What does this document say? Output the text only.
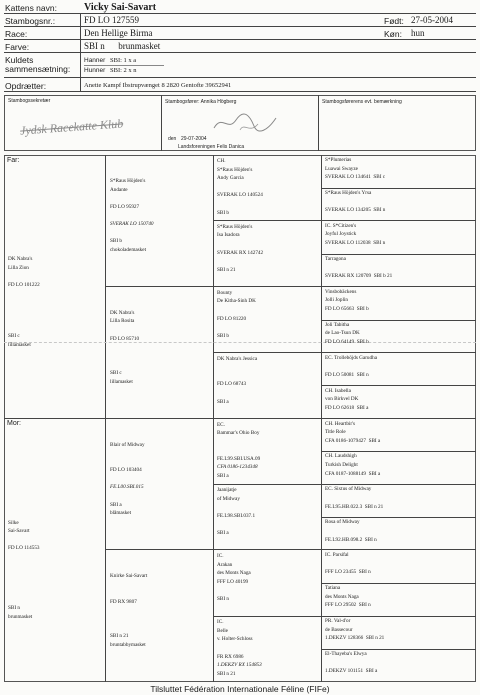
Kattens navn:	Vicky Sai-Savart
Stambogsnr.:	FD LO 127559
Race:	Den Hellige Birma
Farve:	SBI n      brunmasket
Født: 27-05-2004
Køn: hun
Kuldets
sammensætning:
Hanner SBI: 1 x a
Hunner SBI: 2 x n
Opdrætter:	Anette Kampf Ibstrupvænget 8 2820 Gentofte 39652941
Stambogssekretær
Jydsk Racekatte Klub
Stambogsfører: Annika Högberg
den 29-07-2004
Landsforeningen Felis Danica
Stambogsførerens evt. bemærkning
Far:
Mor:
DK Nabra's
Lilla Zion

FD LO 101222

SBI c
lillamasket
Silke
Sai-Savart

FD LO 114553

SBI n
brunmasket
S*Raus Höjden's
Andante

FD LO 95927

SVERAK LO 150740

SBI b
chokolademasket
DK Nabra's
Lilla Rosita

FD LO 85710

SBI c
lillamasket
Blair of Midway

FD LO 103404

FE.L00.SBI.015

SBI a
blåmasket
Knirke Sai-Savart

FD RX 9807

SBI n 21
bruntabbymasket
CH.
S*Raus Höjden's
Andy Garcia

SVERAK LO 140524

SBI b
S*Raus Höjden's
Isa Isadora

SVERAK RX 142742

SBI n 21
Bounty
De Kitha-Sinh DK

FD LO 81220

SBI b
DK Nabra's Jessica

FD LO 68743

SBI a
EC.
Bammar's Ohio Boy

FE.L99.SBI.USA.09
CFA 0186-1234348
SBI a
Jaanijatje
of Midway

FE.L98.SBI.037.1

SBI a
IC.
Arakan
des Monts Naga
FFF LO 40199

SBI n
IC.
Belle
v. Holter-Schloss

FR RX 6986
1.DEKZV RX 154853
SBI n 21
S*Plumerias
Luawai Swayze
SVERAK LO 134641  SBI c
S*Raus Höjden's Yrsa

SVERAK LO 134205  SBI n
IC. S*Citizen's
Joyful Joystick
SVERAK LO 112038  SBI n
Tarragona

SVERAK RX 120709  SBI b 21
Vinsbobäckens
Jolli Joplin
FD LO 65663  SBI b
Joli Tabitha
de Lao-Tsun DK
FD LO 64149  SBI b
EC. Trolleböjds Garudha

FD LO 50081  SBI n
CH. Isabella
von Birkvel DK
FD LO 62618  SBI a
CH. Heartbir's
Title Role
CFA 0186-1079427  SBI a
CH. Laudshigh
Turkish Delight
CFA 0187-1088149  SBI a
EC. Sixtus of Midway

FE.L95.HB.022.3  SBI n 21
Rosa of Midway

FE.L92.HB.098.2  SBI n
IC. Parsifal

FFF LO 23455  SBI n
Tatiana
des Monts Naga
FFF LO 29502  SBI n
PR. Val-d'or
de Bassecour
1.DEKZV 128366  SBI n 21
El-Thayeba's Elwya

1.DEKZV 101151  SBI a
Tilsluttet Fédération Internationale Féline (FIFe)
